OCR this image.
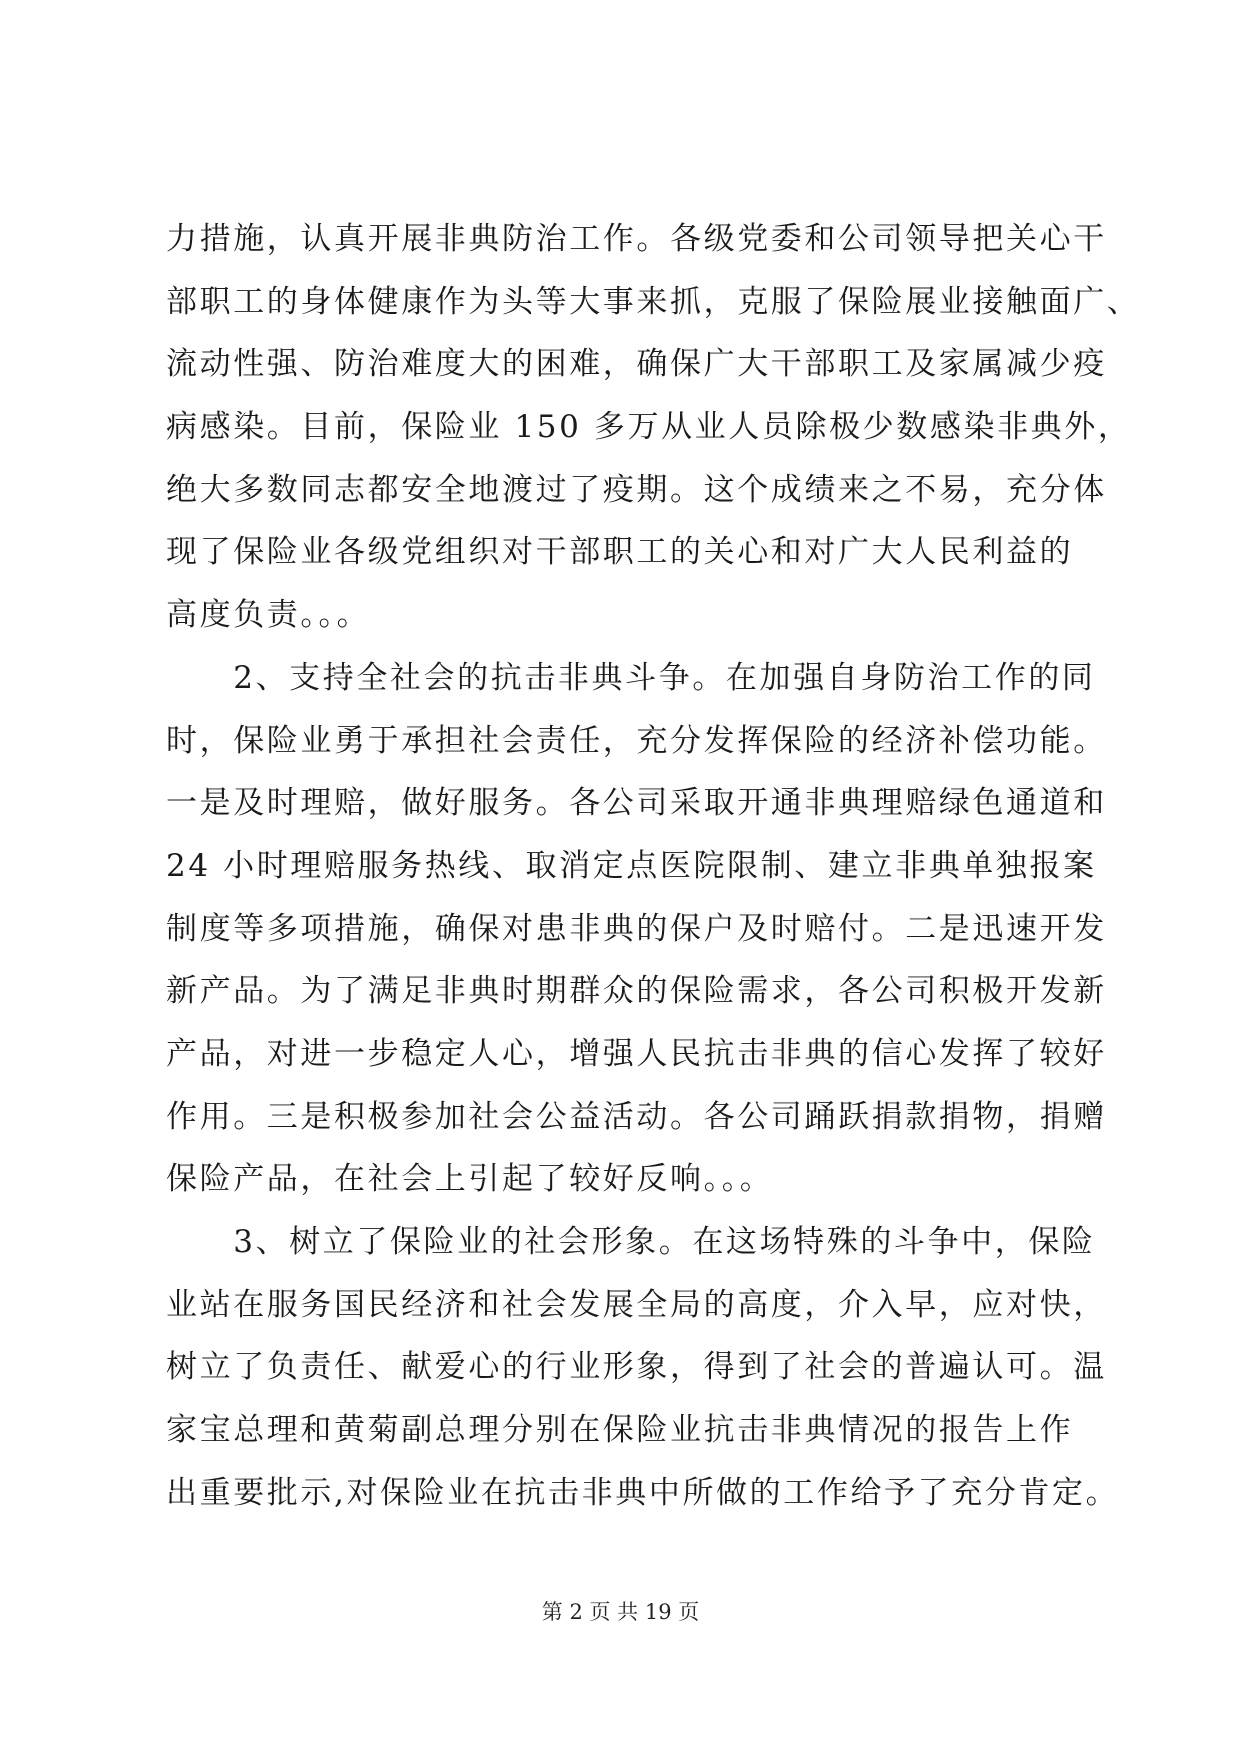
力措施，认真开展非典防治工作。各级党委和公司领导把关心干
部职工的身体健康作为头等大事来抓，克服了保险展业接触面广、
流动性强、防治难度大的困难，确保广大干部职工及家属减少疫
病感染。目前，保险业 150 多万从业人员除极少数感染非典外，
绝大多数同志都安全地渡过了疫期。这个成绩来之不易，充分体
现了保险业各级党组织对干部职工的关心和对广大人民利益的
高度负责。。。
　　2、支持全社会的抗击非典斗争。在加强自身防治工作的同
时，保险业勇于承担社会责任，充分发挥保险的经济补偿功能。
一是及时理赔，做好服务。各公司采取开通非典理赔绿色通道和
24 小时理赔服务热线、取消定点医院限制、建立非典单独报案
制度等多项措施，确保对患非典的保户及时赔付。二是迅速开发
新产品。为了满足非典时期群众的保险需求，各公司积极开发新
产品，对进一步稳定人心，增强人民抗击非典的信心发挥了较好
作用。三是积极参加社会公益活动。各公司踊跃捐款捐物，捐赠
保险产品，在社会上引起了较好反响。。。
　　3、树立了保险业的社会形象。在这场特殊的斗争中，保险
业站在服务国民经济和社会发展全局的高度，介入早，应对快，
树立了负责任、献爱心的行业形象，得到了社会的普遍认可。温
家宝总理和黄菊副总理分别在保险业抗击非典情况的报告上作
出重要批示,对保险业在抗击非典中所做的工作给予了充分肯定。
第 2 页 共 19 页
